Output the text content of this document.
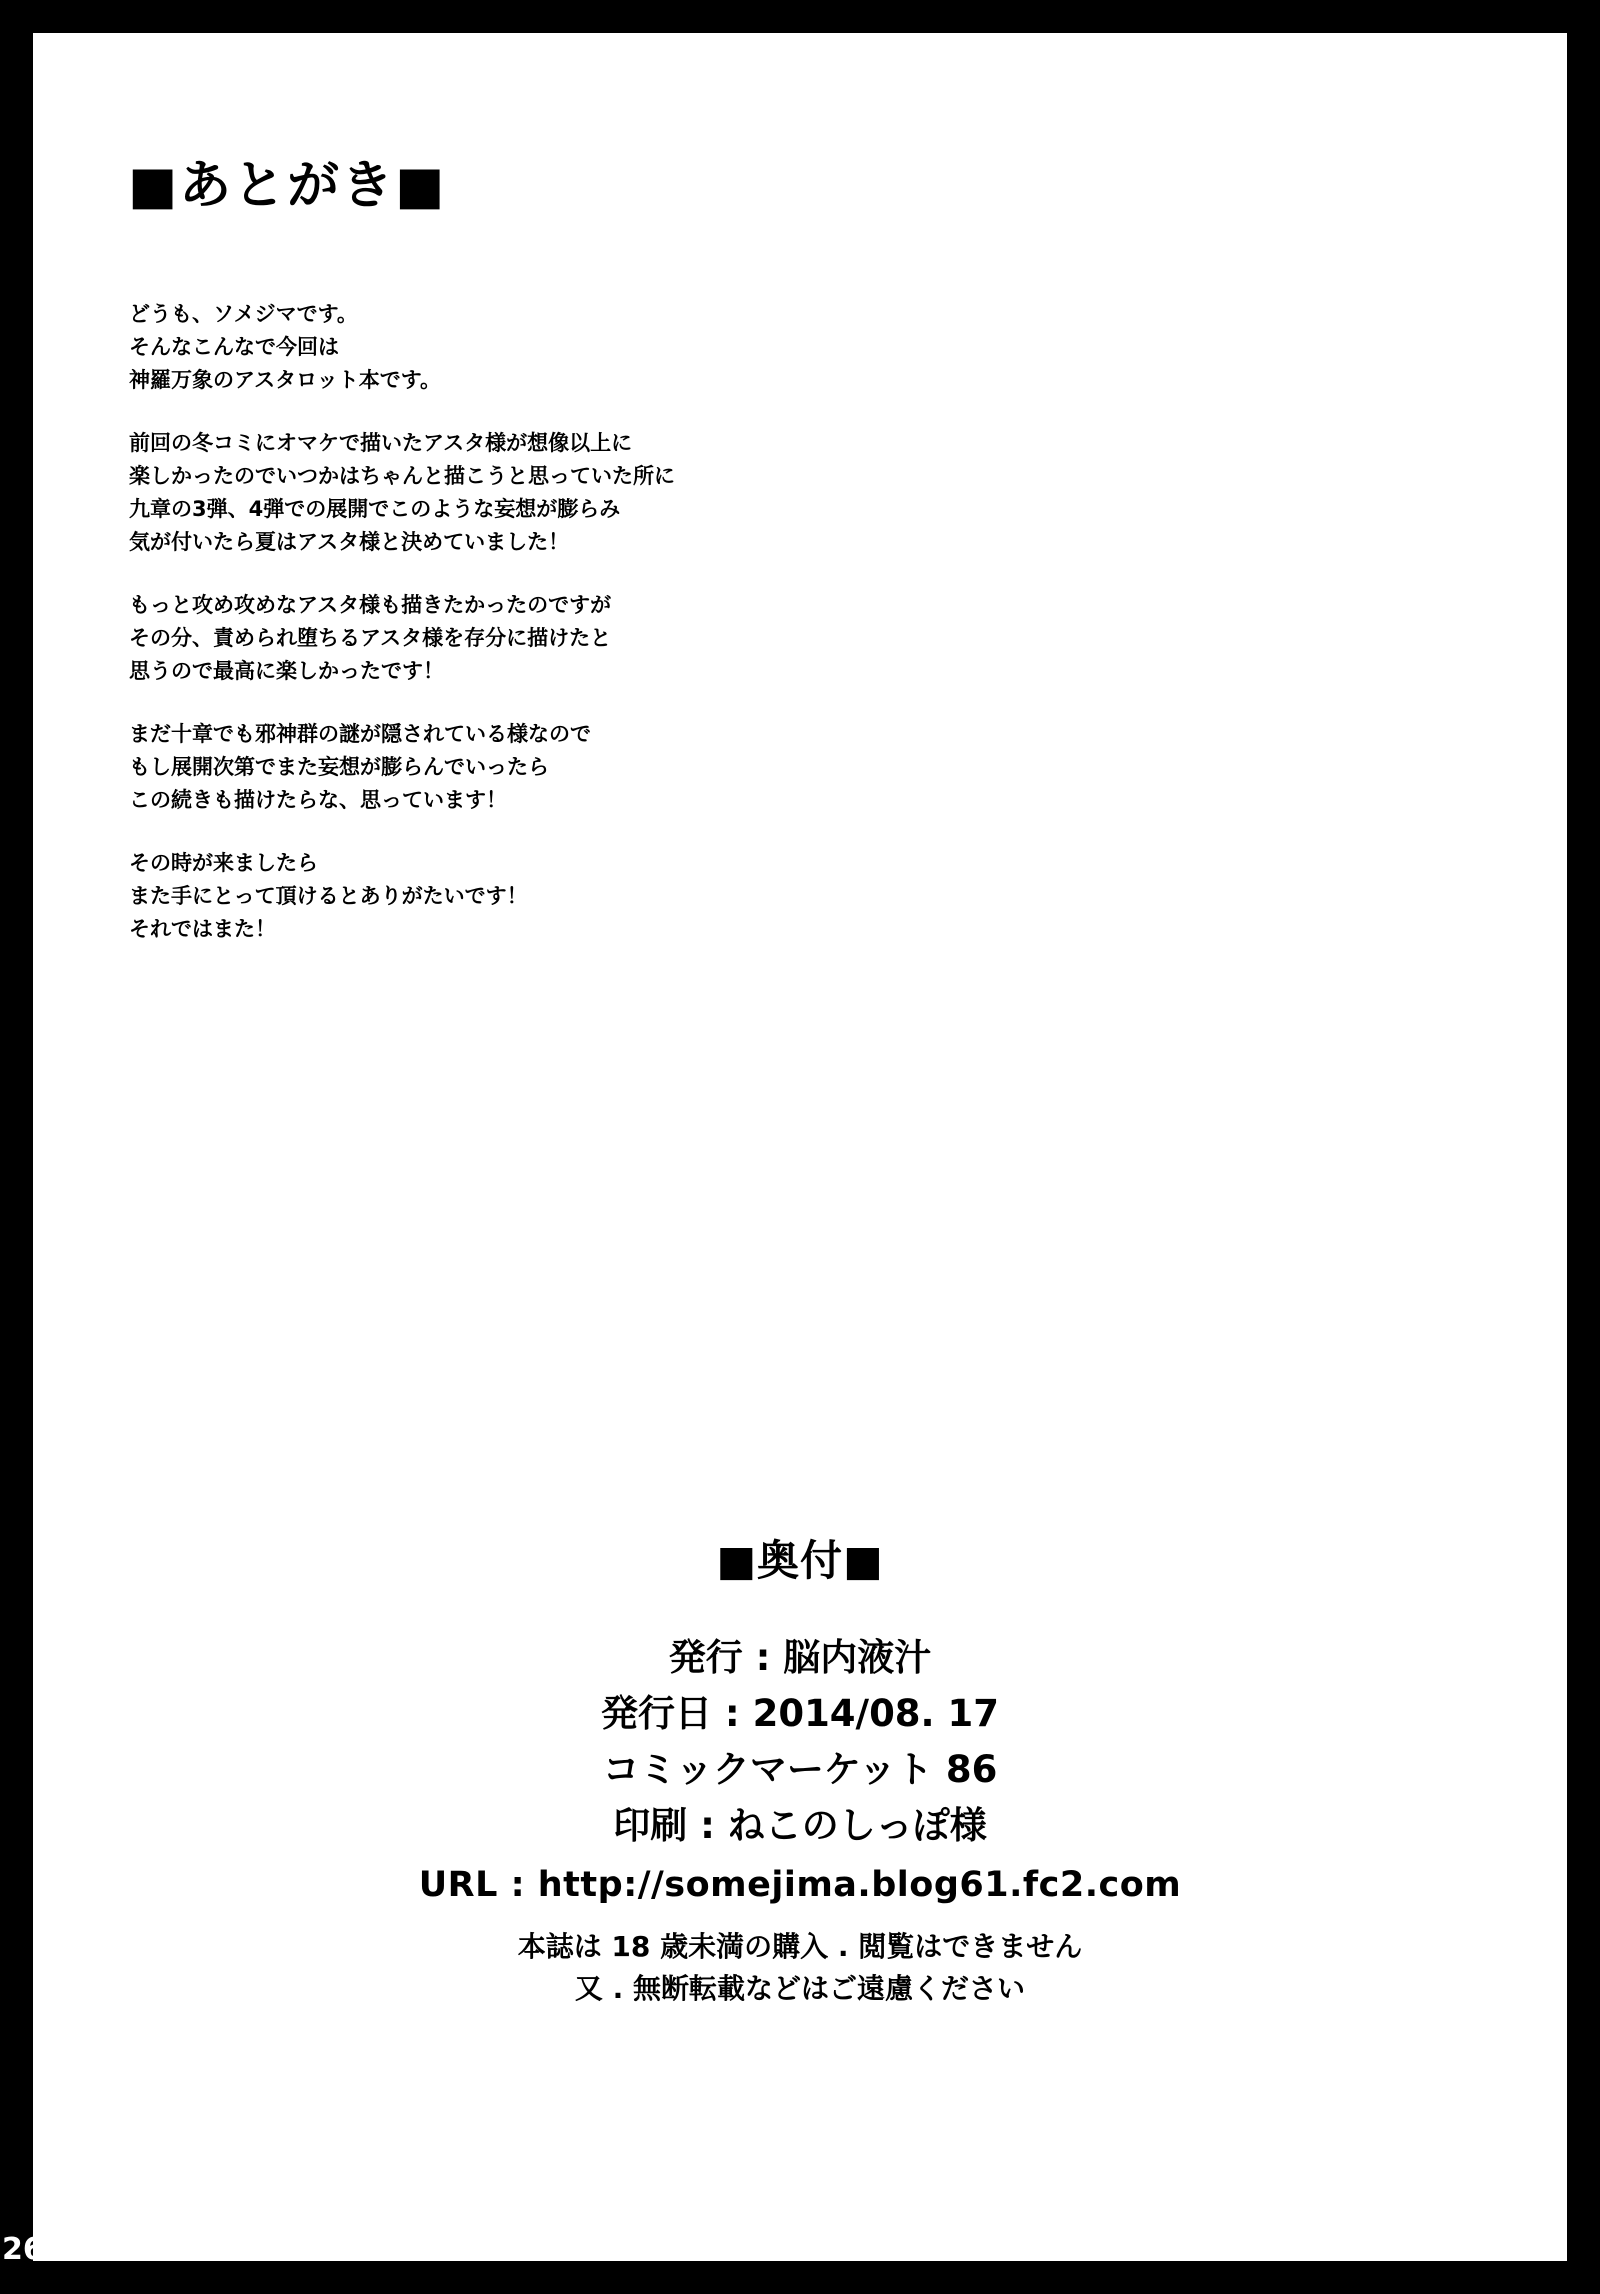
■あとがき■

どうも、ソメジマです。
そんなこんなで今回は
神羅万象のアスタロット本です。

前回の冬コミにオマケで描いたアスタ様が想像以上に
楽しかったのでいつかはちゃんと描こうと思っていた所に
九章の3弾、4弾での展開でこのような妄想が膨らみ
気が付いたら夏はアスタ様と決めていました！

もっと攻め攻めなアスタ様も描きたかったのですが
その分、責められ堕ちるアスタ様を存分に描けたと
思うので最高に楽しかったです！

まだ十章でも邪神群の謎が隠されている様なので
もし展開次第でまた妄想が膨らんでいったら
この続きも描けたらな、思っています！

その時が来ましたら
また手にとって頂けるとありがたいです！
それではまた！

■奥付■
発行 : 脳内液汁
発行日 : 2014/08. 17
コミックマーケット 86
印刷 : ねこのしっぽ様
URL : http://somejima.blog61.fc2.com
本誌は 18 歳未満の購入 . 閲覧はできません
又 . 無断転載などはご遠慮ください
26
